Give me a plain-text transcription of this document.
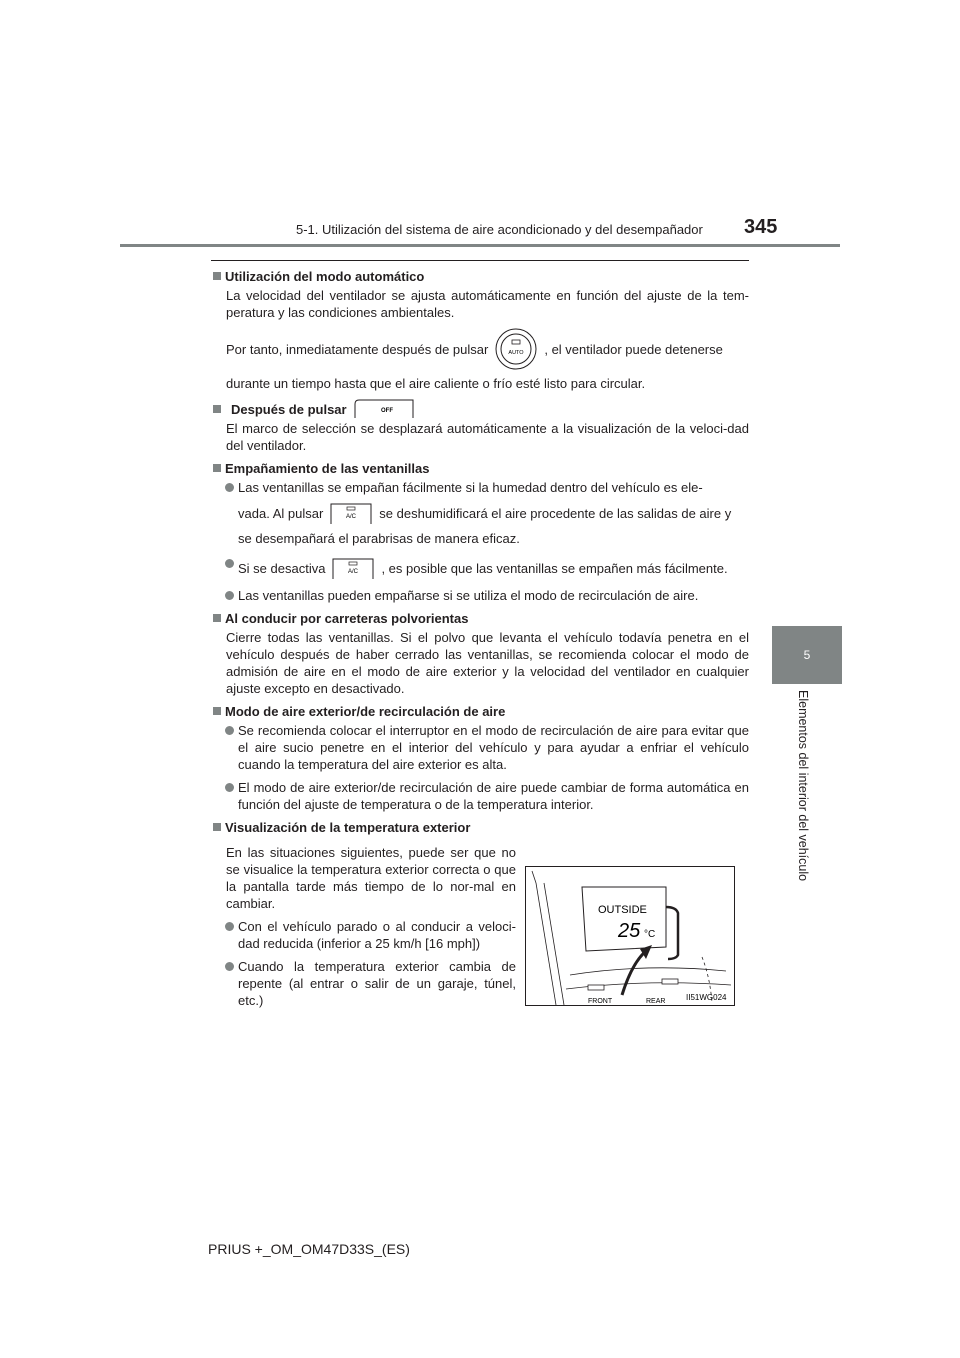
5-1. Utilización del sistema de aire acondicionado y del desempañador 345
5
Elementos del interior del vehículo
Utilización del modo automático
La velocidad del ventilador se ajusta automáticamente en función del ajuste de la tem-peratura y las condiciones ambientales.
Por tanto, inmediatamente después de pulsar	AUTO , el ventilador puede detenerse
durante un tiempo hasta que el aire caliente o frío esté listo para circular.
Después de pulsar	OFF
El marco de selección se desplazará automáticamente a la visualización de la veloci-dad del ventilador.
Empañamiento de las ventanillas
Las ventanillas se empañan fácilmente si la humedad dentro del vehículo es ele-
vada. Al pulsar	A/C se deshumidificará el aire procedente de las salidas de aire y
se desempañará el parabrisas de manera eficaz.
Si se desactiva	A/C , es posible que las ventanillas se empañen más fácilmente.
Las ventanillas pueden empañarse si se utiliza el modo de recirculación de aire.
Al conducir por carreteras polvorientas
Cierre todas las ventanillas. Si el polvo que levanta el vehículo todavía penetra en el vehículo después de haber cerrado las ventanillas, se recomienda colocar el modo de admisión de aire en el modo de aire exterior y la velocidad del ventilador en cualquier ajuste excepto en desactivado.
Modo de aire exterior/de recirculación de aire
Se recomienda colocar el interruptor en el modo de recirculación de aire para evitar que el aire sucio penetre en el interior del vehículo y para ayudar a enfriar el vehículo cuando la temperatura del aire exterior es alta.
El modo de aire exterior/de recirculación de aire puede cambiar de forma automática en función del ajuste de temperatura o de la temperatura interior.
Visualización de la temperatura exterior
En las situaciones siguientes, puede ser que no se visualice la temperatura exterior correcta o que la pantalla tarde más tiempo de lo nor-mal en cambiar.
Con el vehículo parado o al conducir a veloci-dad reducida (inferior a 25 km/h [16 mph])
Cuando la temperatura exterior cambia de repente (al entrar o salir de un garaje, túnel, etc.)
OUTSIDE
25 °C
FRONT	REAR	II51WG024
PRIUS +_OM_OM47D33S_(ES)
